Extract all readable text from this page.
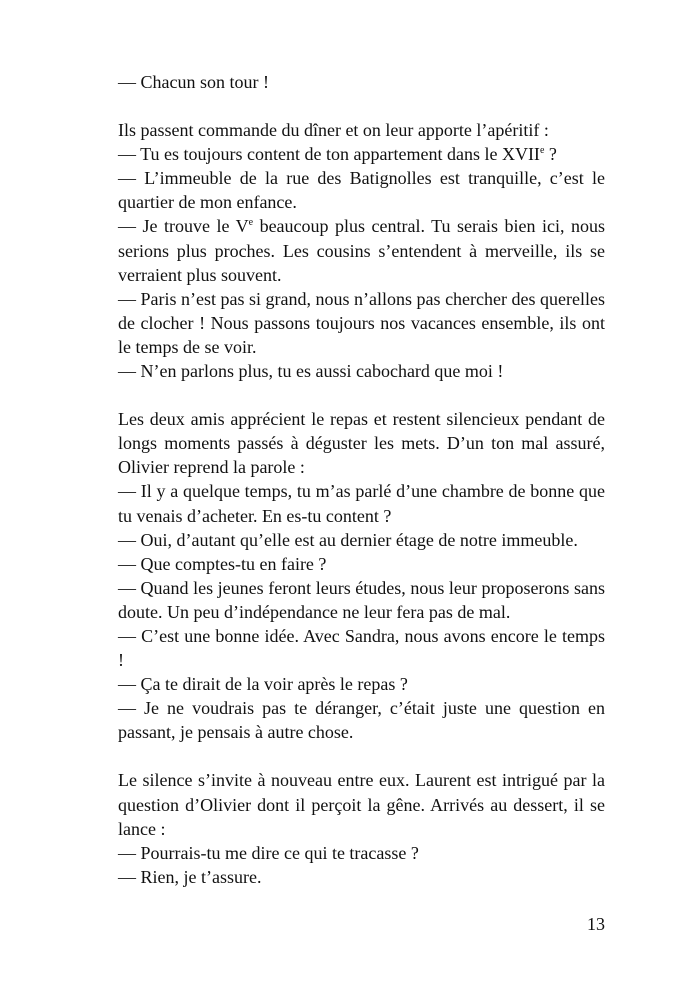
— Chacun son tour !

Ils passent commande du dîner et on leur apporte l’apéritif :

— Tu es toujours content de ton appartement dans le XVIIe ?

— L’immeuble de la rue des Batignolles est tranquille, c’est le quartier de mon enfance.

— Je trouve le Ve beaucoup plus central. Tu serais bien ici, nous serions plus proches. Les cousins s’entendent à merveille, ils se verraient plus souvent.

— Paris n’est pas si grand, nous n’allons pas chercher des querelles de clocher ! Nous passons toujours nos vacances ensemble, ils ont le temps de se voir.

— N’en parlons plus, tu es aussi cabochard que moi !

Les deux amis apprécient le repas et restent silencieux pendant de longs moments passés à déguster les mets. D’un ton mal assuré, Olivier reprend la parole :

— Il y a quelque temps, tu m’as parlé d’une chambre de bonne que tu venais d’acheter. En es-tu content ?

— Oui, d’autant qu’elle est au dernier étage de notre immeuble.

— Que comptes-tu en faire ?

— Quand les jeunes feront leurs études, nous leur proposerons sans doute. Un peu d’indépendance ne leur fera pas de mal.

— C’est une bonne idée. Avec Sandra, nous avons encore le temps !

— Ça te dirait de la voir après le repas ?

— Je ne voudrais pas te déranger, c’était juste une question en passant, je pensais à autre chose.

Le silence s’invite à nouveau entre eux. Laurent est intrigué par la question d’Olivier dont il perçoit la gêne. Arrivés au dessert, il se lance :

— Pourrais-tu me dire ce qui te tracasse ?

— Rien, je t’assure.

13
